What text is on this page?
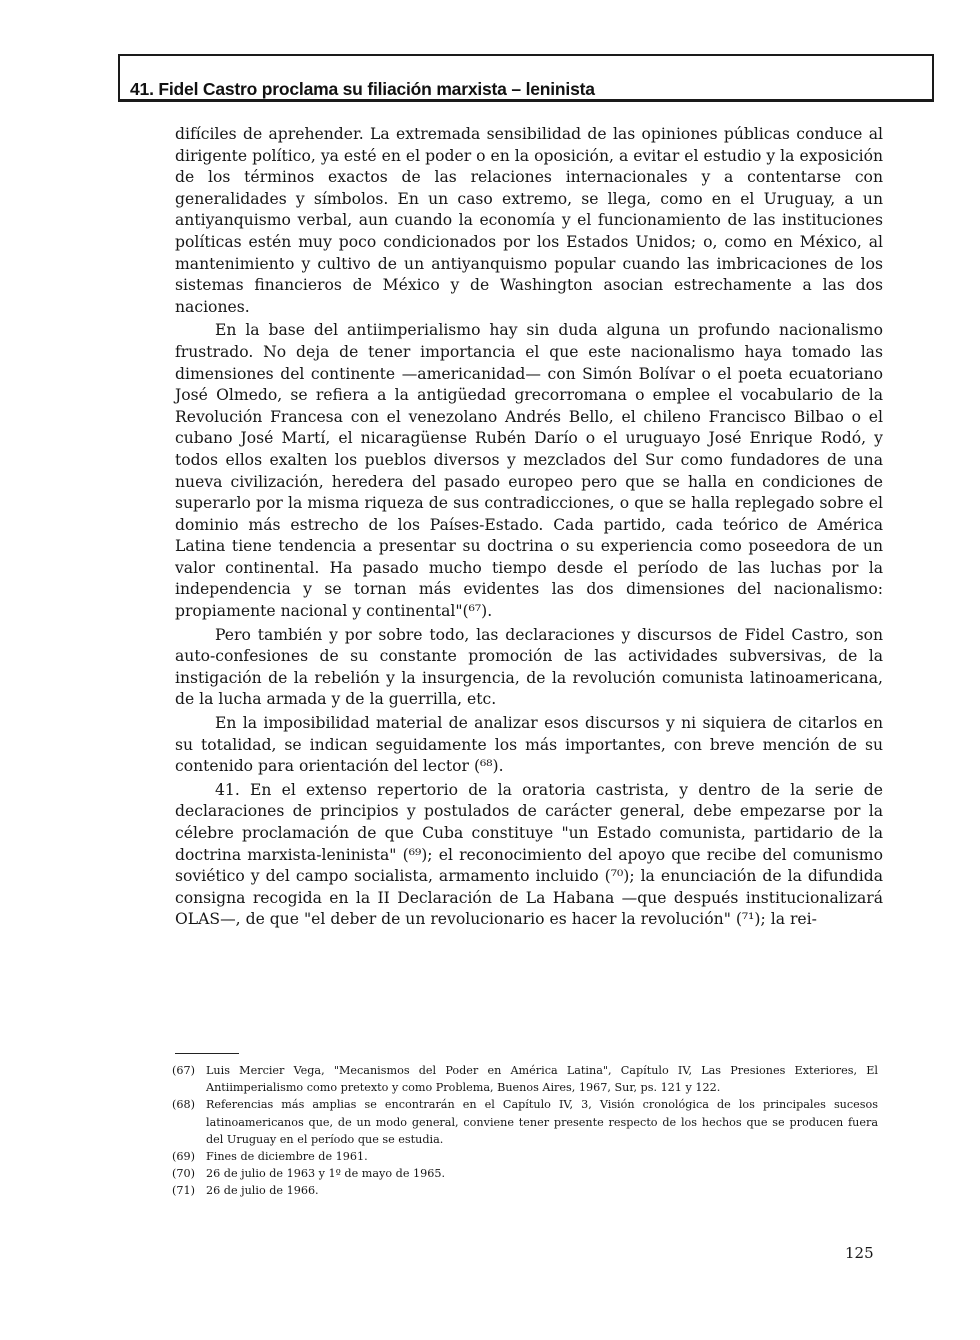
41. Fidel Castro proclama su filiación marxista – leninista

difíciles de aprehender. La extremada sensibilidad de las opiniones públicas conduce al dirigente político, ya esté en el poder o en la oposición, a evitar el estudio y la exposición de los términos exactos de las relaciones internacionales y a contentarse con generalidades y símbolos. En un caso extremo, se llega, como en el Uruguay, a un antiyanquismo verbal, aun cuando la economía y el funcionamiento de las instituciones políticas estén muy poco condicionados por los Estados Unidos; o, como en México, al mantenimiento y cultivo de un antiyanquismo popular cuando las imbricaciones de los sistemas financieros de México y de Washington asocian estrechamente a las dos naciones.

En la base del antiimperialismo hay sin duda alguna un profundo nacionalismo frustrado. No deja de tener importancia el que este nacionalismo haya tomado las dimensiones del continente —americanidad— con Simón Bolívar o el poeta ecuatoriano José Olmedo, se refiera a la antigüedad grecorromana o emplee el vocabulario de la Revolución Francesa con el venezolano Andrés Bello, el chileno Francisco Bilbao o el cubano José Martí, el nicaragüense Rubén Darío o el uruguayo José Enrique Rodó, y todos ellos exalten los pueblos diversos y mezclados del Sur como fundadores de una nueva civilización, heredera del pasado europeo pero que se halla en condiciones de superarlo por la misma riqueza de sus contradicciones, o que se halla replegado sobre el dominio más estrecho de los Países-Estado. Cada partido, cada teórico de América Latina tiene tendencia a presentar su doctrina o su experiencia como poseedora de un valor continental. Ha pasado mucho tiempo desde el período de las luchas por la independencia y se tornan más evidentes las dos dimensiones del nacionalismo: propiamente nacional y continental"(⁶⁷).

Pero también y por sobre todo, las declaraciones y discursos de Fidel Castro, son auto-confesiones de su constante promoción de las actividades subversivas, de la instigación de la rebelión y la insurgencia, de la revolución comunista latinoamericana, de la lucha armada y de la guerrilla, etc.

En la imposibilidad material de analizar esos discursos y ni siquiera de citarlos en su totalidad, se indican seguidamente los más importantes, con breve mención de su contenido para orientación del lector (⁶⁸).

41. En el extenso repertorio de la oratoria castrista, y dentro de la serie de declaraciones de principios y postulados de carácter general, debe empezarse por la célebre proclamación de que Cuba constituye "un Estado comunista, partidario de la doctrina marxista-leninista" (⁶⁹); el reconocimiento del apoyo que recibe del comunismo soviético y del campo socialista, armamento incluido (⁷⁰); la enunciación de la difundida consigna recogida en la II Declaración de La Habana —que después institucionalizará OLAS—, de que "el deber de un revolucionario es hacer la revolución" (⁷¹); la rei-

(67) Luis Mercier Vega, "Mecanismos del Poder en América Latina", Capítulo IV, Las Presiones Exteriores, El Antiimperialismo como pretexto y como Problema, Buenos Aires, 1967, Sur, ps. 121 y 122.
(68) Referencias más amplias se encontrarán en el Capítulo IV, 3, Visión cronológica de los principales sucesos latinoamericanos que, de un modo general, conviene tener presente respecto de los hechos que se producen fuera del Uruguay en el período que se estudia.
(69) Fines de diciembre de 1961.
(70) 26 de julio de 1963 y 1º de mayo de 1965.
(71) 26 de julio de 1966.
125
